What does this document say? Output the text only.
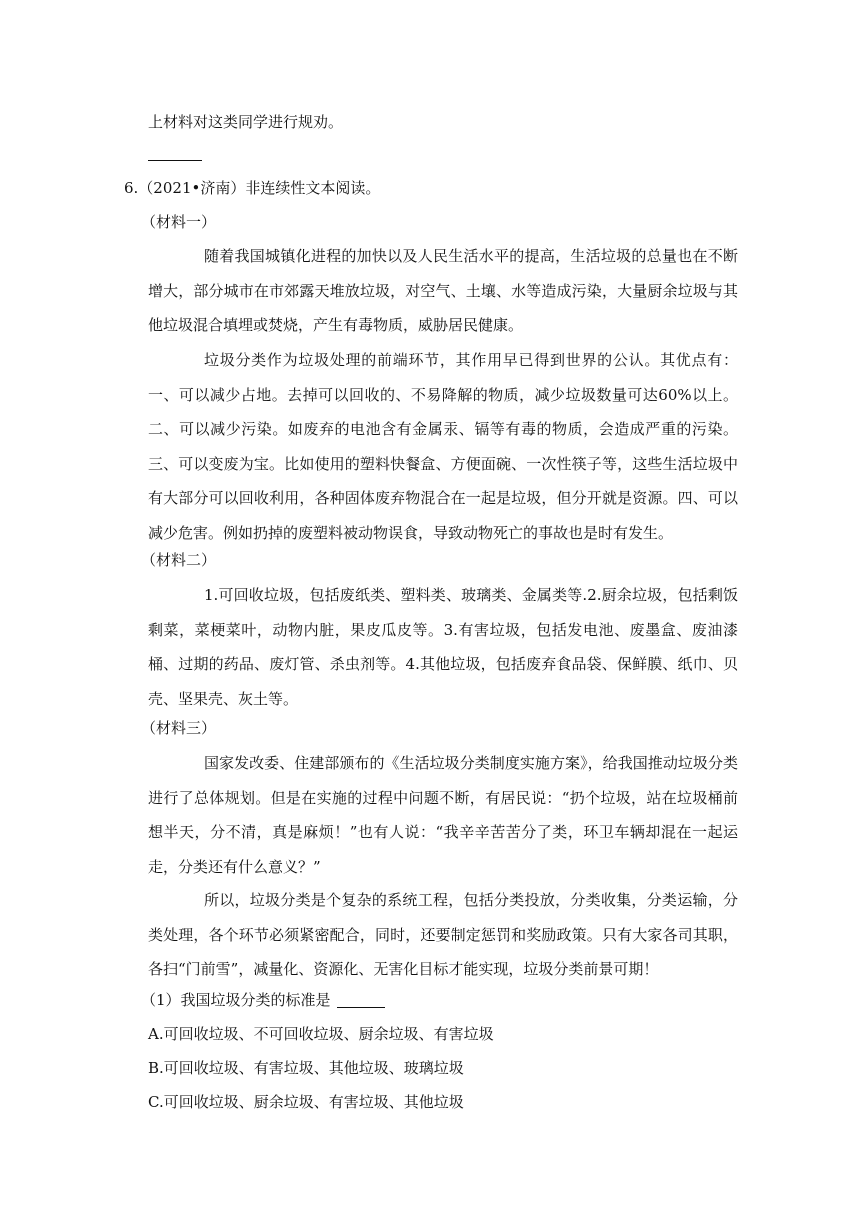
上材料对这类同学进行规劝。
6.（2021•济南）非连续性文本阅读。
（材料一）
随着我国城镇化进程的加快以及人民生活水平的提高，生活垃圾的总量也在不断增大，部分城市在市郊露天堆放垃圾，对空气、土壤、水等造成污染，大量厨余垃圾与其他垃圾混合填埋或焚烧，产生有毒物质，威胁居民健康。
垃圾分类作为垃圾处理的前端环节，其作用早已得到世界的公认。其优点有：一、可以减少占地。去掉可以回收的、不易降解的物质，减少垃圾数量可达60%以上。二、可以减少污染。如废弃的电池含有金属汞、镉等有毒的物质，会造成严重的污染。三、可以变废为宝。比如使用的塑料快餐盒、方便面碗、一次性筷子等，这些生活垃圾中有大部分可以回收利用，各种固体废弃物混合在一起是垃圾，但分开就是资源。四、可以减少危害。例如扔掉的废塑料被动物误食，导致动物死亡的事故也是时有发生。
（材料二）
1.可回收垃圾，包括废纸类、塑料类、玻璃类、金属类等.2.厨余垃圾，包括剩饭剩菜，菜梗菜叶，动物内脏，果皮瓜皮等。3.有害垃圾，包括发电池、废墨盒、废油漆桶、过期的药品、废灯管、杀虫剂等。4.其他垃圾，包括废弃食品袋、保鲜膜、纸巾、贝壳、坚果壳、灰土等。
（材料三）
国家发改委、住建部颁布的《生活垃圾分类制度实施方案》，给我国推动垃圾分类进行了总体规划。但是在实施的过程中问题不断，有居民说：“扔个垃圾，站在垃圾桶前想半天，分不清，真是麻烦！”也有人说：“我辛辛苦苦分了类，环卫车辆却混在一起运走，分类还有什么意义？”
所以，垃圾分类是个复杂的系统工程，包括分类投放，分类收集，分类运输，分类处理，各个环节必须紧密配合，同时，还要制定惩罚和奖励政策。只有大家各司其职，各扫“门前雪”，减量化、资源化、无害化目标才能实现，垃圾分类前景可期！
（1）我国垃圾分类的标准是
A.可回收垃圾、不可回收垃圾、厨余垃圾、有害垃圾
B.可回收垃圾、有害垃圾、其他垃圾、玻璃垃圾
C.可回收垃圾、厨余垃圾、有害垃圾、其他垃圾
